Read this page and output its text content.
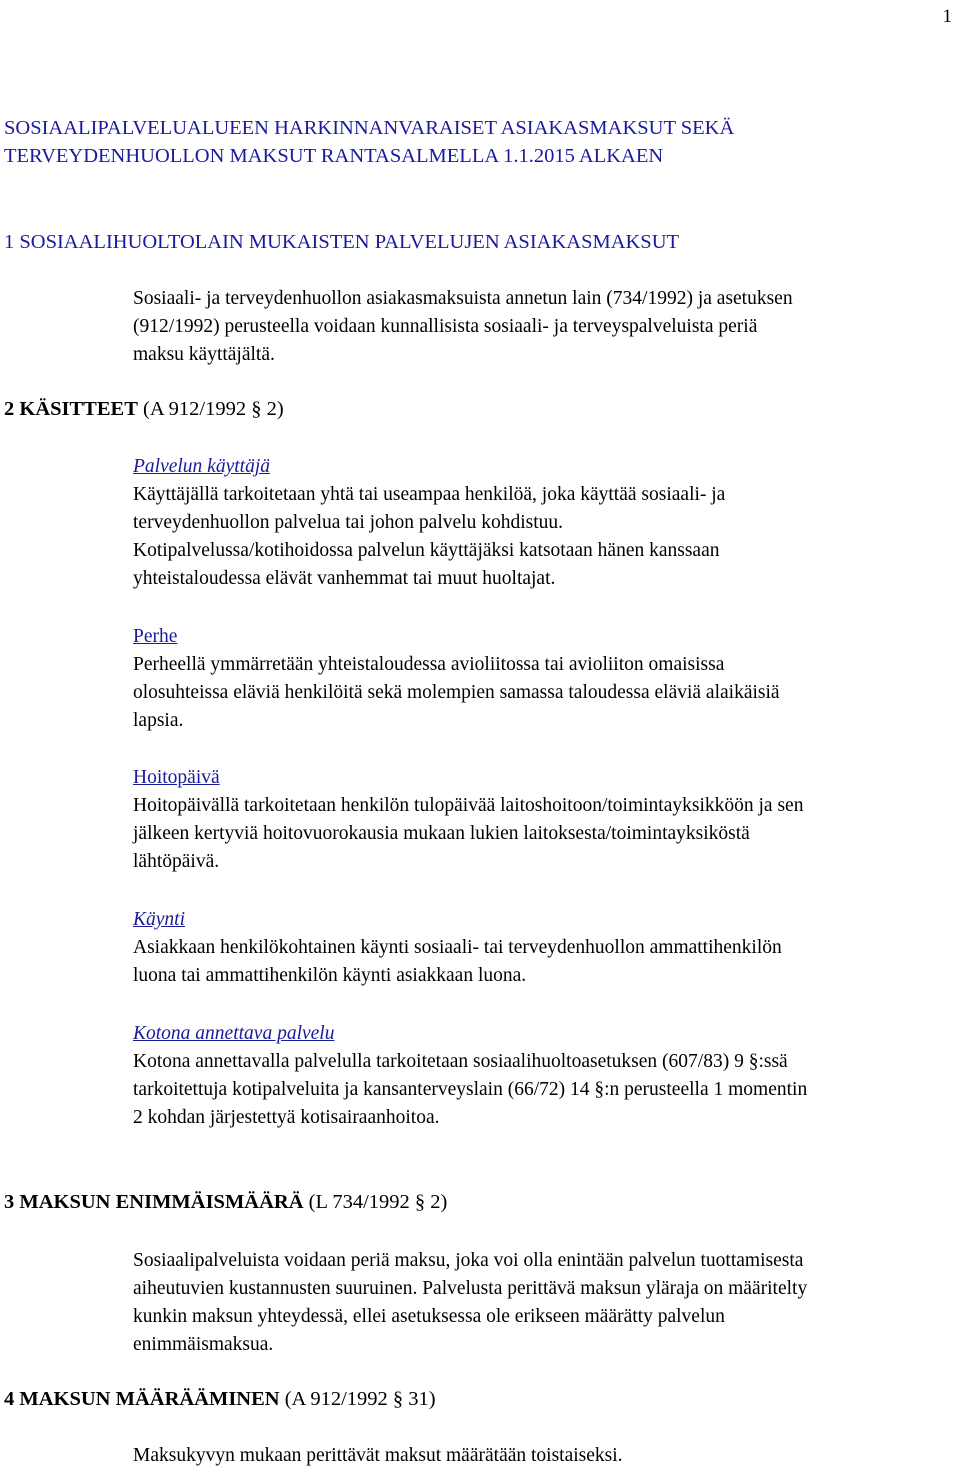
1
SOSIAALIPALVELUALUEEN HARKINNANVARAISET ASIAKASMAKSUT SEKÄ
TERVEYDENHUOLLON MAKSUT RANTASALMELLA 1.1.2015 ALKAEN
1 SOSIAALIHUOLTOLAIN MUKAISTEN PALVELUJEN ASIAKASMAKSUT
Sosiaali- ja terveydenhuollon asiakasmaksuista annetun lain (734/1992) ja asetuksen
(912/1992) perusteella voidaan kunnallisista sosiaali- ja terveyspalveluista periä
maksu käyttäjältä.
2 KÄSITTEET (A 912/1992 § 2)
Palvelun käyttäjä
Käyttäjällä tarkoitetaan yhtä tai useampaa henkilöä, joka käyttää sosiaali- ja
terveydenhuollon palvelua tai johon palvelu kohdistuu.
Kotipalvelussa/kotihoidossa palvelun käyttäjäksi katsotaan hänen kanssaan
yhteistaloudessa elävät vanhemmat tai muut huoltajat.
Perhe
Perheellä ymmärretään yhteistaloudessa avioliitossa tai avioliiton omaisissa
olosuhteissa eläviä henkilöitä sekä molempien samassa taloudessa eläviä alaikäisiä
lapsia.
Hoitopäivä
Hoitopäivällä tarkoitetaan henkilön tulopäivää laitoshoitoon/toimintayksikköön ja sen
jälkeen kertyviä hoitovuorokausia mukaan lukien laitoksesta/toimintayksiköstä
lähtöpäivä.
Käynti
Asiakkaan henkilökohtainen käynti sosiaali- tai terveydenhuollon ammattihenkilön
luona tai ammattihenkilön käynti asiakkaan luona.
Kotona annettava palvelu
Kotona annettavalla palvelulla tarkoitetaan sosiaalihuoltoasetuksen (607/83) 9 §:ssä
tarkoitettuja kotipalveluita ja kansanterveyslain (66/72) 14 §:n perusteella 1 momentin
2 kohdan järjestettyä kotisairaanhoitoa.
3 MAKSUN ENIMMÄISMÄÄRÄ (L 734/1992 § 2)
Sosiaalipalveluista voidaan periä maksu, joka voi olla enintään palvelun tuottamisesta
aiheutuvien kustannusten suuruinen. Palvelusta perittävä maksun yläraja on määritelty
kunkin maksun yhteydessä, ellei asetuksessa ole erikseen määrätty palvelun
enimmäismaksua.
4 MAKSUN MÄÄRÄÄMINEN (A 912/1992 § 31)
Maksukyvyn mukaan perittävät maksut määrätään toistaiseksi.
